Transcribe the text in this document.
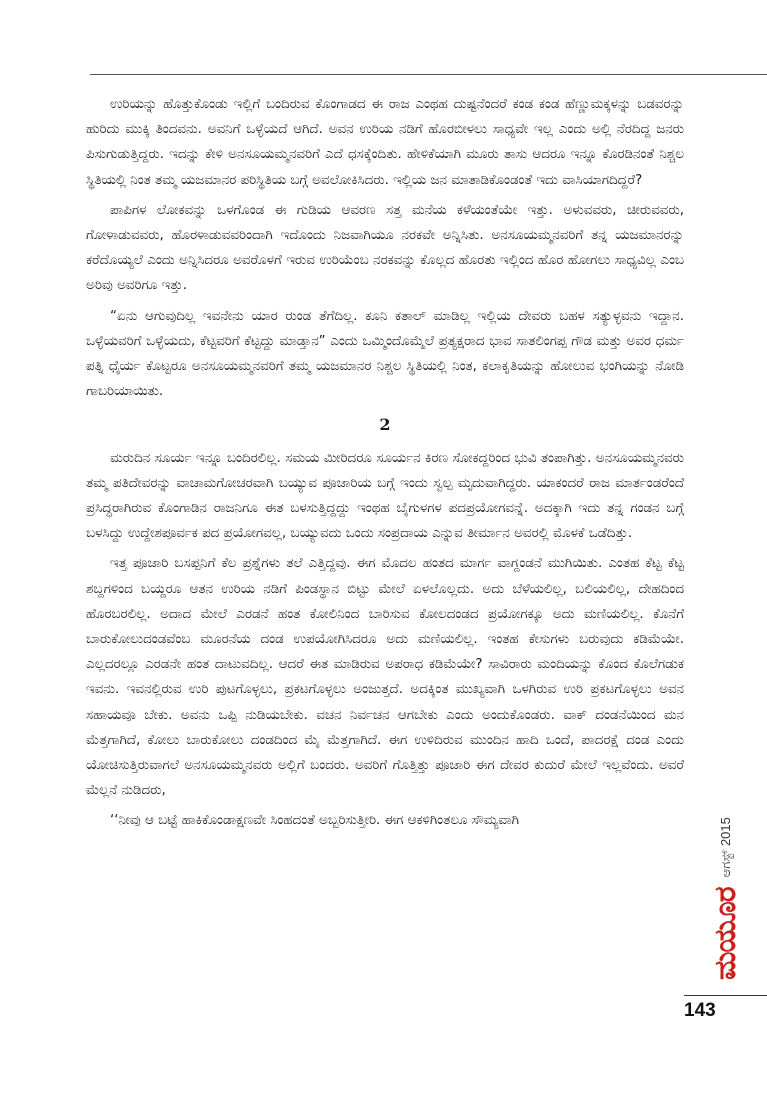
ಉರಿಯನ್ನು ಹೊತ್ತುಕೊಂಡು ಇಲ್ಲಿಗೆ ಬಂದಿರುವ ಕೊಂಗಾಡದ ಈ ರಾಜ ಎಂಥಹ ದುಷ್ಟನೆಂದರೆ ಕಂಡ ಕಂಡ ಹೆಣ್ಣುಮಕ್ಕಳನ್ನು ಬಡವರನ್ನು ಹುರಿದು ಮುಕ್ಕಿ ತಿಂದವನು. ಅವನಿಗೆ ಒಳ್ಳೆಯದೆ ಆಗಿದೆ. ಅವನ ಉರಿಯ ನಡಿಗೆ ಹೊರಬೀಳಲು ಸಾಧ್ಯವೇ ಇಲ್ಲ ಎಂದು ಅಲ್ಲಿ ನೆರದಿದ್ದ ಜನರು ಪಿಸುಗುಡುತ್ತಿದ್ದರು. ಇದನ್ನು ಕೇಳಿ ಅನಸೂಯಮ್ಮನವರಿಗೆ ಎದೆ ಧಸಕ್ಕೆಂದಿತು. ಹೇಳಿಕೆಯಾಗಿ ಮೂರು ತಾಸು ಆದರೂ ಇನ್ನೂ ಕೊರಡಿನಂತೆ ನಿಶ್ಚಲ ಸ್ಥಿತಿಯಲ್ಲಿ ನಿಂತ ತಮ್ಮ ಯಜಮಾನರ ಪರಿಸ್ಥಿತಿಯ ಬಗ್ಗೆ ಅವಲೋಕಿಸಿದರು. ಇಲ್ಲಿಯ ಜನ ಮಾತಾಡಿಕೊಂಡಂತೆ ಇದು ವಾಸಿಯಾಗದಿದ್ದರೆ?

ಪಾಪಿಗಳ ಲೋಕವನ್ನು ಒಳಗೊಂಡ ಈ ಗುಡಿಯ ಆವರಣ ಸತ್ತ ಮನೆಯ ಕಳೆಯಂತೆಯೇ ಇತ್ತು. ಅಳುವವರು, ಚೀರುವವರು, ಗೋಳಾಡುವವರು, ಹೊರಳಾಡುವವರಿಂದಾಗಿ ಇದೊಂದು ನಿಜವಾಗಿಯೂ ನರಕವೇ ಅನ್ನಿಸಿತು. ಅನಸೂಯಮ್ಮನವರಿಗೆ ತನ್ನ ಯಜಮಾನರನ್ನು ಕರೆದೊಯ್ಯಲೆ ಎಂದು ಅನ್ನಿಸಿದರೂ ಅವರೊಳಗೆ ಇರುವ ಉರಿಯೆಂಬ ನರಕವನ್ನು ಕೊಲ್ಲದ ಹೊರತು ಇಲ್ಲಿಂದ ಹೊರ ಹೋಗಲು ಸಾಧ್ಯವಿಲ್ಲ ಎಂಬ ಅರಿವು ಅವರಿಗೂ ಇತ್ತು.

“ಏನು ಆಗುವುದಿಲ್ಲ ಇವನೇನು ಯಾರ ರುಂಡ ತೆಗೆದಿಲ್ಲ. ಕೂನಿ ಕತಾಲ್ ಮಾಡಿಲ್ಲ ಇಲ್ಲಿಯ ದೇವರು ಬಹಳ ಸತ್ಯುಳ್ಳವನು ಇದ್ದಾನ. ಒಳ್ಳೆಯವರಿಗೆ ಒಳ್ಳೆಯದು, ಕೆಟ್ಟವರಿಗೆ ಕೆಟ್ಟದ್ದು ಮಾಡ್ತಾನ” ಎಂದು ಒಮ್ಮಿಂದೊಮ್ಮೆಲೆ ಪ್ರತ್ಯಕ್ಷರಾದ ಭಾವ ಸಾತಲಿಂಗಪ್ಪ ಗೌಡ ಮತ್ತು ಅವರ ಧರ್ಮ ಪತ್ನಿ ಧೈರ್ಯ ಕೊಟ್ಟರೂ ಅನಸೂಯಮ್ಮನವರಿಗೆ ತಮ್ಮ ಯಜಮಾನರ ನಿಶ್ಚಲ ಸ್ಥಿತಿಯಲ್ಲಿ ನಿಂತ, ಕಲಾಕೃತಿಯನ್ನು ಹೋಲುವ ಭಂಗಿಯನ್ನು ನೋಡಿ ಗಾಬರಿಯಾಯಿತು.

2

ಮರುದಿನ ಸೂರ್ಯ ಇನ್ನೂ ಬಂದಿರಲಿಲ್ಲ. ಸಮಯ ಮೀರಿದರೂ ಸೂರ್ಯನ ಕಿರಣ ಸೋಕದ್ದರಿಂದ ಭುವಿ ತಂಪಾಗಿತ್ತು. ಅನಸೂಯಮ್ಮನವರು ತಮ್ಮ ಪತಿದೇವರನ್ನು ವಾಚಾಮಗೋಚರವಾಗಿ ಬಯ್ಯುವ ಪೂಜಾರಿಯ ಬಗ್ಗೆ ಇಂದು ಸ್ವಲ್ಪ ಮೃದುವಾಗಿದ್ದರು. ಯಾಕಂದರೆ ರಾಜ ಮಾರ್ತಂಡರೆಂದೆ ಪ್ರಸಿದ್ಧರಾಗಿರುವ ಕೊಂಗಾಡಿನ ರಾಜನಿಗೂ ಈತ ಬಳಸುತ್ತಿದ್ದದ್ದು ಇಂಥಹ ಬೈಗುಳಗಳ ಪದಪ್ರಯೋಗವನ್ನೆ. ಅದಕ್ಕಾಗಿ ಇದು ತನ್ನ ಗಂಡನ ಬಗ್ಗೆ ಬಳಸಿದ್ದು ಉದ್ದೇಶಪೂರ್ವಕ ಪದ ಪ್ರಯೋಗವಲ್ಲ, ಬಯ್ಯುವದು ಒಂದು ಸಂಪ್ರದಾಯ ಎನ್ನುವ ತೀರ್ಮಾನ ಅವರಲ್ಲಿ ಮೊಳಕೆ ಒಡೆದಿತ್ತು.

ಇತ್ತ ಪೂಜಾರಿ ಬಸಪ್ಪನಿಗೆ ಕೆಲ ಪ್ರಶ್ನೆಗಳು ತಲೆ ಎತ್ತಿದ್ದವು. ಈಗ ಮೊದಲ ಹಂತದ ಮಾರ್ಗ ವಾಗ್ದಂಡನೆ ಮುಗಿಯಿತು. ಎಂತಹ ಕೆಟ್ಟ ಕೆಟ್ಟ ಶಬ್ದಗಳಿಂದ ಬಯ್ದರೂ ಆತನ ಉರಿಯ ನಡಿಗೆ ಪಿಂಡಸ್ಥಾನ ಬಿಟ್ಟು ಮೇಲೆ ಏಳಲೊಲ್ಲದು. ಅದು ಬೆಳೆಯಲಿಲ್ಲ, ಬಲಿಯಲಿಲ್ಲ, ದೇಹದಿಂದ ಹೊರಬರಲಿಲ್ಲ. ಅದಾದ ಮೇಲೆ ಎರಡನೆ ಹಂತ ಕೋಲಿನಿಂದ ಬಾರಿಸುವ ಕೋಲದಂಡದ ಪ್ರಯೋಗಕ್ಕೂ ಅದು ಮಣಿಯಲಿಲ್ಲ. ಕೊನೆಗೆ ಬಾರುಕೋಲುದಂಡವೆಂಬ ಮೂರನೆಯ ದಂಡ ಉಪಯೋಗಿಸಿದರೂ ಅದು ಮಣಿಯಲಿಲ್ಲ. ಇಂತಹ ಕೇಸುಗಳು ಬರುವುದು ಕಡಿಮೆಯೇ. ಎಲ್ಲದರಲ್ಲೂ ಎರಡನೇ ಹಂತ ದಾಟುವದಿಲ್ಲ. ಆದರೆ ಈತ ಮಾಡಿರುವ ಅಪರಾಧ ಕಡಿಮೆಯೇ? ಸಾವಿರಾರು ಮಂದಿಯನ್ನು ಕೊಂದ ಕೊಲೆಗಡುಕ ಇವನು. ಇವನಲ್ಲಿರುವ ಉರಿ ಪುಟಗೊಳ್ಳಲು, ಪ್ರಕಟಗೊಳ್ಳಲು ಅಂಜುತ್ತದೆ. ಅದಕ್ಕಿಂತ ಮುಖ್ಯವಾಗಿ ಒಳಗಿರುವ ಉರಿ ಪ್ರಕಟಗೊಳ್ಳಲು ಅವನ ಸಹಾಯವೂ ಬೇಕು. ಅವನು ಒಪ್ಪಿ ನುಡಿಯಬೇಕು. ವಚನ ನಿರ್ವಚನ ಆಗಬೇಕು ಎಂದು ಅಂದುಕೊಂಡರು. ವಾಕ್ ದಂಡನೆಯಿಂದ ಮನ ಮೆತ್ತಗಾಗಿದೆ, ಕೋಲು ಬಾರುಕೋಲು ದಂಡದಿಂದ ಮೈ ಮೆತ್ತಗಾಗಿದೆ. ಈಗ ಉಳಿದಿರುವ ಮುಂದಿನ ಹಾದಿ ಒಂದೆ, ಪಾದರಕ್ಷೆ ದಂಡ ಎಂದು ಯೋಚಿಸುತ್ತಿರುವಾಗಲೆ ಅನಸೂಯಮ್ಮನವರು ಅಲ್ಲಿಗೆ ಬಂದರು. ಅವರಿಗೆ ಗೊತ್ತಿತ್ತು ಪೂಜಾರಿ ಈಗ ದೇವರ ಕುದುರೆ ಮೇಲೆ ಇಲ್ಲವೆಂದು. ಅವರೆ ಮೆಲ್ಲನೆ ನುಡಿದರು,

‘‘ನೀವು ಆ ಬಟ್ಟೆ ಹಾಕಿಕೊಂಡಾಕ್ಷಣವೇ ಸಿಂಹದಂತೆ ಅಬ್ಬರಿಸುತ್ತೀರಿ. ಈಗ ಆಕಳಿಗಿಂತಲೂ ಸೌಮ್ಯವಾಗಿ

ಮಯೂರ
ಆಗಸ್ಟ್ 2015
143
